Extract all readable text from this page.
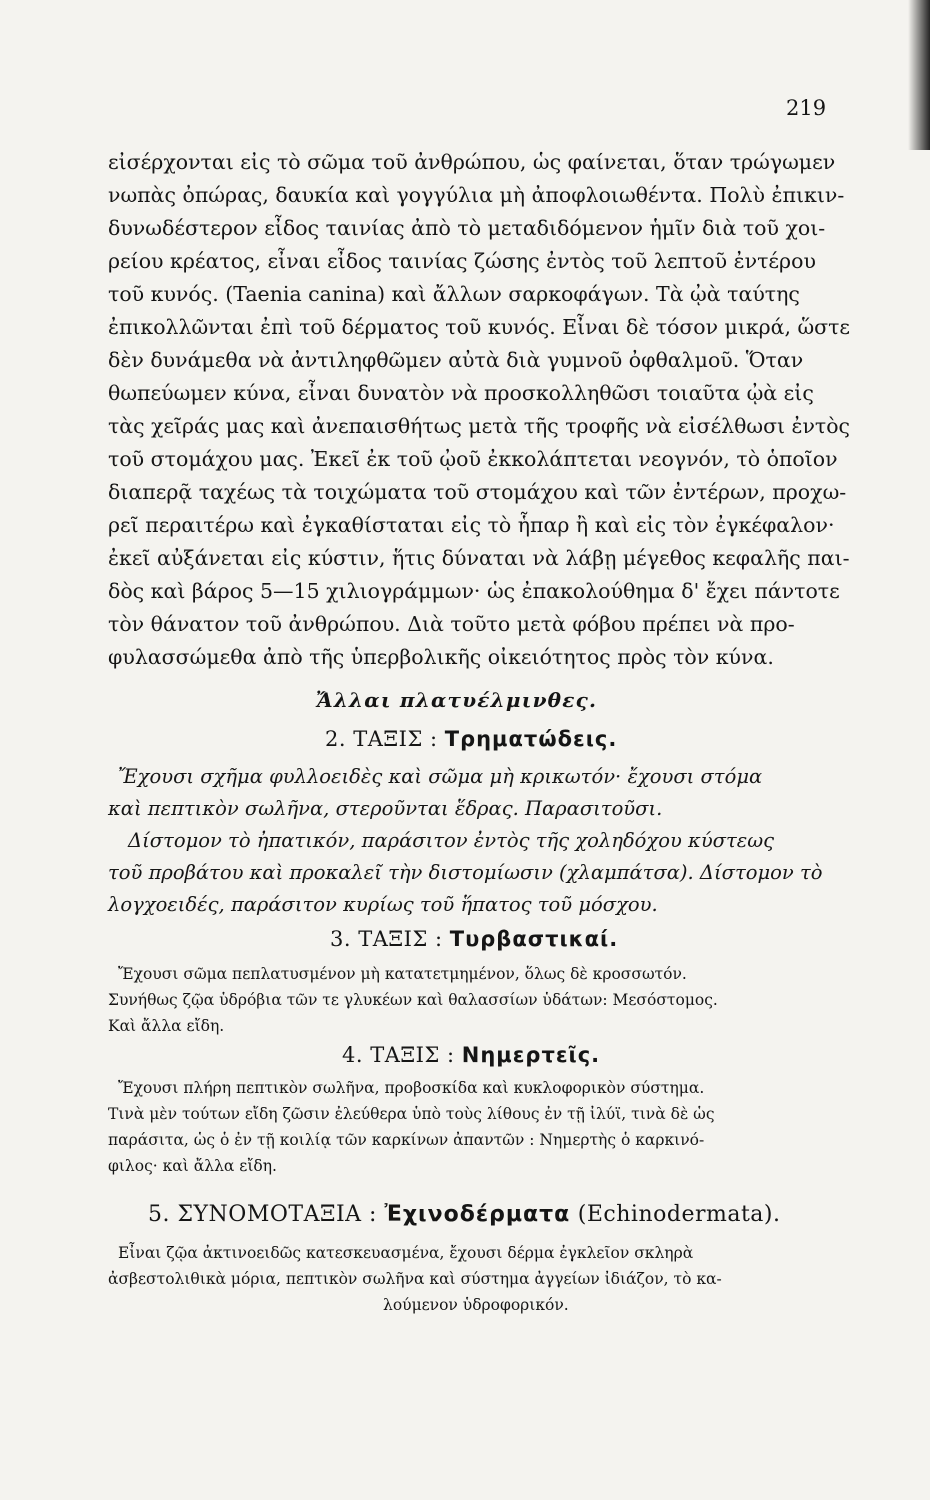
219
εἰσέρχονται εἰς τὸ σῶμα τοῦ ἀνθρώπου, ὡς φαίνεται, ὅταν τρώγωμεν
νωπὰς ὀπώρας, δαυκία καὶ γογγύλια μὴ ἀποφλοιωθέντα. Πολὺ ἐπικιν-
δυνωδέστερον εἶδος ταινίας ἀπὸ τὸ μεταδιδόμενον ἡμῖν διὰ τοῦ χοι-
ρείου κρέατος, εἶναι εἶδος ταινίας ζώσης ἐντὸς τοῦ λεπτοῦ ἐντέρου
τοῦ κυνός. (Taenia canina) καὶ ἄλλων σαρκοφάγων. Τὰ ᾠὰ ταύτης
ἐπικολλῶνται ἐπὶ τοῦ δέρματος τοῦ κυνός. Εἶναι δὲ τόσον μικρά, ὥστε
δὲν δυνάμεθα νὰ ἀντιληφθῶμεν αὐτὰ διὰ γυμνοῦ ὀφθαλμοῦ. Ὅταν
θωπεύωμεν κύνα, εἶναι δυνατὸν νὰ προσκολληθῶσι τοιαῦτα ᾠὰ εἰς
τὰς χεῖράς μας καὶ ἀνεπαισθήτως μετὰ τῆς τροφῆς νὰ εἰσέλθωσι ἐντὸς
τοῦ στομάχου μας. Ἐκεῖ ἐκ τοῦ ᾠοῦ ἐκκολάπτεται νεογνόν, τὸ ὁποῖον
διαπερᾷ ταχέως τὰ τοιχώματα τοῦ στομάχου καὶ τῶν ἐντέρων, προχω-
ρεῖ περαιτέρω καὶ ἐγκαθίσταται εἰς τὸ ἧπαρ ἢ καὶ εἰς τὸν ἐγκέφαλον·
ἐκεῖ αὐξάνεται εἰς κύστιν, ἥτις δύναται νὰ λάβῃ μέγεθος κεφαλῆς παι-
δὸς καὶ βάρος 5—15 χιλιογράμμων· ὡς ἐπακολούθημα δ' ἔχει πάντοτε
τὸν θάνατον τοῦ ἀνθρώπου. Διὰ τοῦτο μετὰ φόβου πρέπει νὰ προ-
φυλασσώμεθα ἀπὸ τῆς ὑπερβολικῆς οἰκειότητος πρὸς τὸν κύνα.
Ἄλλαι πλατυέλμινθες.
2. ΤΑΞΙΣ : Τρηματώδεις.
Ἔχουσι σχῆμα φυλλοειδὲς καὶ σῶμα μὴ κρικωτόν· ἔχουσι στόμα
καὶ πεπτικὸν σωλῆνα, στεροῦνται ἕδρας. Παρασιτοῦσι.
Δίστομον τὸ ἠπατικόν, παράσιτον ἐντὸς τῆς χοληδόχου κύστεως
τοῦ προβάτου καὶ προκαλεῖ τὴν διστομίωσιν (χλαμπάτσα). Δίστομον τὸ
λογχοειδές, παράσιτον κυρίως τοῦ ἥπατος τοῦ μόσχου.
3. ΤΑΞΙΣ : Τυρβαστικαί.
Ἔχουσι σῶμα πεπλατυσμένον μὴ κατατετμημένον, ὅλως δὲ κροσσωτόν.
Συνήθως ζῷα ὑδρόβια τῶν τε γλυκέων καὶ θαλασσίων ὑδάτων: Μεσόστομος.
Καὶ ἄλλα εἴδη.
4. ΤΑΞΙΣ : Νημερτεῖς.
Ἔχουσι πλήρη πεπτικὸν σωλῆνα, προβοσκίδα καὶ κυκλοφορικὸν σύστημα.
Τινὰ μὲν τούτων εἴδη ζῶσιν ἐλεύθερα ὑπὸ τοὺς λίθους ἐν τῇ ἰλύϊ, τινὰ δὲ ὡς
παράσιτα, ὡς ὁ ἐν τῇ κοιλίᾳ τῶν καρκίνων ἀπαντῶν : Νημερτὴς ὁ καρκινό-
φιλος· καὶ ἄλλα εἴδη.
5. ΣΥΝΟΜΟΤΑΞΙΑ : Ἐχινοδέρματα (Echinodermata).
Εἶναι ζῷα ἀκτινοειδῶς κατεσκευασμένα, ἔχουσι δέρμα ἐγκλεῖον σκληρὰ
ἀσβεστολιθικὰ μόρια, πεπτικὸν σωλῆνα καὶ σύστημα ἀγγείων ἰδιάζον, τὸ κα-
λούμενον ὑδροφορικόν.
